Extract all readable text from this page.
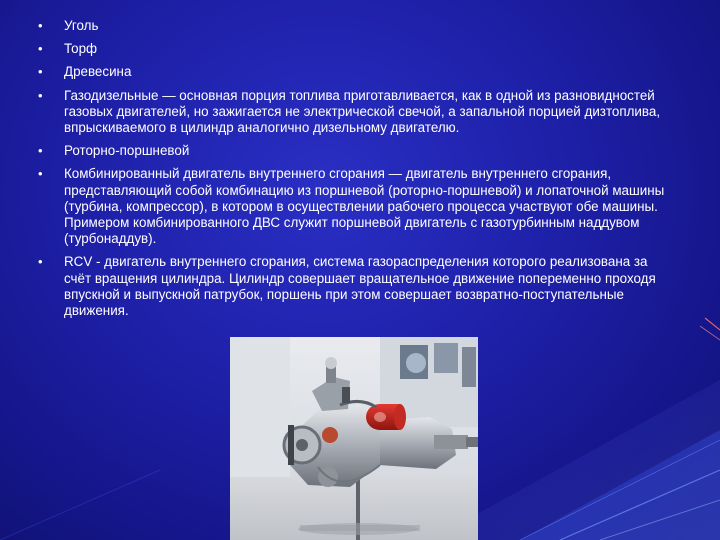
• Уголь
• Торф
• Древесина
• Газодизельные — основная порция топлива приготавливается, как в одной из разновидностей газовых двигателей, но зажигается не электрической свечой, а запальной порцией дизтоплива, впрыскиваемого в цилиндр аналогично дизельному двигателю.
• Роторно-поршневой
• Комбинированный двигатель внутреннего сгорания — двигатель внутреннего сгорания, представляющий собой комбинацию из поршневой (роторно-поршневой) и лопаточной машины (турбина, компрессор), в котором в осуществлении рабочего процесса участвуют обе машины. Примером комбинированного ДВС служит поршневой двигатель с газотурбинным наддувом (турбонаддув).
• RCV - двигатель внутреннего сгорания, система газораспределения которого реализована за счёт вращения цилиндра. Цилиндр совершает вращательное движение попеременно проходя впускной и выпускной патрубок, поршень при этом совершает возвратно-поступательные движения.
